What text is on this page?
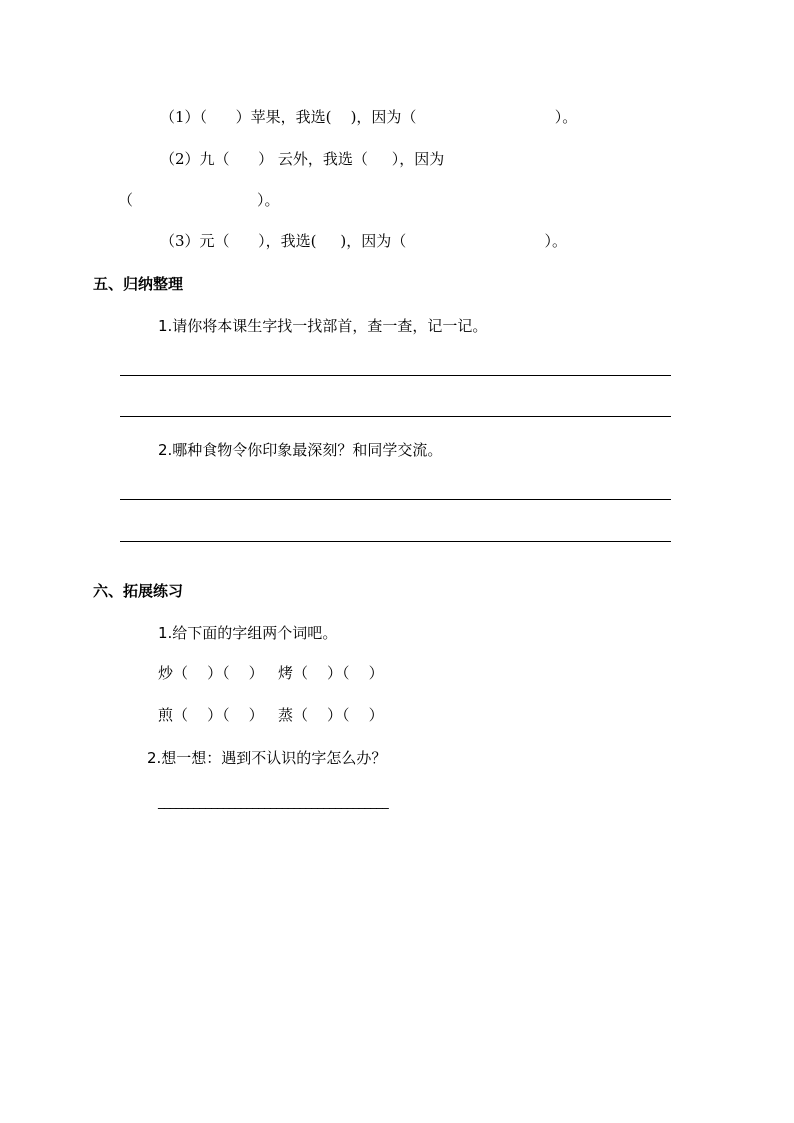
（1）（      ）苹果，我选(    )，因为（                             ）。
（2）九（      ） 云外，我选（     ），因为
（                          ）。
（3）元（      ），我选(     )，因为（                             ）。
五、归纳整理
1.请你将本课生字找一找部首，查一查，记一记。
2.哪种食物令你印象最深刻？和同学交流。
六、拓展练习
1.给下面的字组两个词吧。
炒（    ）（    ）   烤（    ）（    ）
煎（    ）（    ）   蒸（    ）（    ）
2.想一想：遇到不认识的字怎么办？
_______________________________________
